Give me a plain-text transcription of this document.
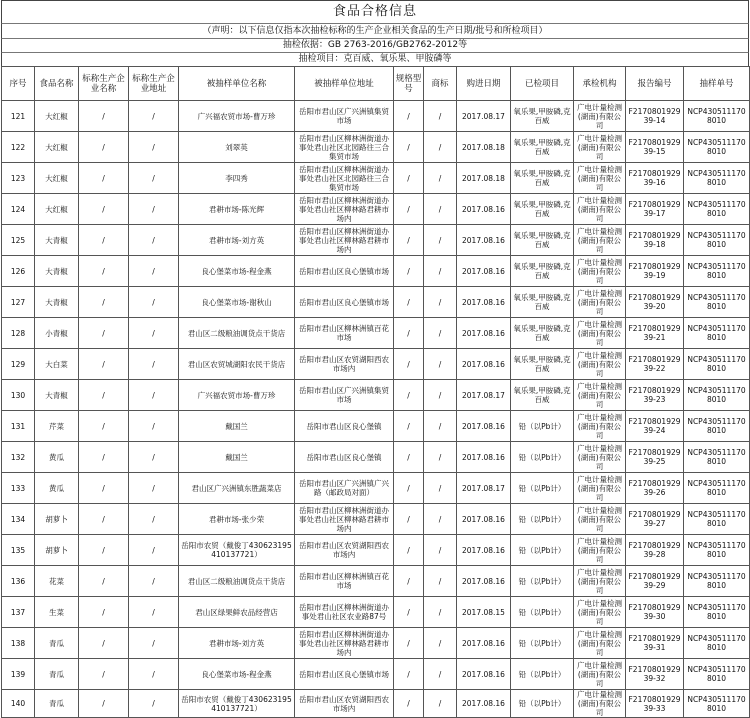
食品合格信息
（声明：以下信息仅指本次抽检标称的生产企业相关食品的生产日期/批号和所检项目）
抽检依据：GB 2763-2016/GB2762-2012等
抽检项目：克百威、氧乐果、甲胺磷等
序号	食品名称	标称生产企业名称	标称生产企业地址	被抽样单位名称	被抽样单位地址	规格型号	商标	购进日期	已检项目	承检机构	报告编号	抽样单号
121	大红椒	/	/	广兴福农贸市场-曹万珍	岳阳市君山区广兴洲镇集贸市场	/	/	2017.08.17	氧乐果,甲胺磷,克百威	广电计量检测(湖南)有限公司	F217080192939-14	NCP4305111708010
122	大红椒	/	/	刘翠英	岳阳市君山区柳林洲街道办事处君山社区北园路往三合集贸市场	/	/	2017.08.18	氧乐果,甲胺磷,克百威	广电计量检测(湖南)有限公司	F217080192939-15	NCP4305111708010
123	大红椒	/	/	李四秀	岳阳市君山区柳林洲街道办事处君山社区北园路往三合集贸市场	/	/	2017.08.18	氧乐果,甲胺磷,克百威	广电计量检测(湖南)有限公司	F217080192939-16	NCP4305111708010
124	大红椒	/	/	君耕市场-陈光辉	岳阳市君山区柳林洲街道办事处君山社区柳林路君耕市场内	/	/	2017.08.16	氧乐果,甲胺磷,克百威	广电计量检测(湖南)有限公司	F217080192939-17	NCP4305111708010
125	大青椒	/	/	君耕市场-刘方英	岳阳市君山区柳林洲街道办事处君山社区柳林路君耕市场内	/	/	2017.08.16	氧乐果,甲胺磷,克百威	广电计量检测(湖南)有限公司	F217080192939-18	NCP4305111708010
126	大青椒	/	/	良心堡菜市场-程金燕	岳阳市君山区良心堡镇市场	/	/	2017.08.16	氧乐果,甲胺磷,克百威	广电计量检测(湖南)有限公司	F217080192939-19	NCP4305111708010
127	大青椒	/	/	良心堡菜市场-谢秋山	岳阳市君山区良心堡镇市场	/	/	2017.08.16	氧乐果,甲胺磷,克百威	广电计量检测(湖南)有限公司	F217080192939-20	NCP4305111708010
128	小青椒	/	/	君山区二级粮油调货点干货店	岳阳市君山区柳林洲镇百花市场	/	/	2017.08.16	氧乐果,甲胺磷,克百威	广电计量检测(湖南)有限公司	F217080192939-21	NCP4305111708010
129	大白菜	/	/	君山区农贸城湖阳农民干货店	岳阳市君山区农贸湖阳西农市场内	/	/	2017.08.16	氧乐果,甲胺磷,克百威	广电计量检测(湖南)有限公司	F217080192939-22	NCP4305111708010
130	大青椒	/	/	广兴福农贸市场-曹万珍	岳阳市君山区广兴洲镇集贸市场	/	/	2017.08.17	氧乐果,甲胺磷,克百威	广电计量检测(湖南)有限公司	F217080192939-23	NCP4305111708010
131	芹菜	/	/	戴国兰	岳阳市君山区良心堡镇	/	/	2017.08.16	铅（以Pb计）	广电计量检测(湖南)有限公司	F217080192939-24	NCP4305111708010
132	黄瓜	/	/	戴国兰	岳阳市君山区良心堡镇	/	/	2017.08.16	铅（以Pb计）	广电计量检测(湖南)有限公司	F217080192939-25	NCP4305111708010
133	黄瓜	/	/	君山区广兴洲镇东胜蔬菜店	岳阳市君山区广兴洲镇广兴路（邮政局对面）	/	/	2017.08.17	铅（以Pb计）	广电计量检测(湖南)有限公司	F217080192939-26	NCP4305111708010
134	胡萝卜	/	/	君耕市场-张少荣	岳阳市君山区柳林洲街道办事处君山社区柳林路君耕市场内	/	/	2017.08.16	铅（以Pb计）	广电计量检测(湖南)有限公司	F217080192939-27	NCP4305111708010
135	胡萝卜	/	/	岳阳市农贸（戴俊丁430623195410137721）	岳阳市君山区农贸湖阳西农市场内	/	/	2017.08.16	铅（以Pb计）	广电计量检测(湖南)有限公司	F217080192939-28	NCP4305111708010
136	花菜	/	/	君山区二级粮油调货点干货店	岳阳市君山区柳林洲镇百花市场	/	/	2017.08.16	铅（以Pb计）	广电计量检测(湖南)有限公司	F217080192939-29	NCP4305111708010
137	生菜	/	/	君山区绿果鲜农品经营店	岳阳市君山区柳林洲街道办事处君山社区农业路87号	/	/	2017.08.15	铅（以Pb计）	广电计量检测(湖南)有限公司	F217080192939-30	NCP4305111708010
138	青瓜	/	/	君耕市场-刘方英	岳阳市君山区柳林洲街道办事处君山社区柳林路君耕市场内	/	/	2017.08.16	铅（以Pb计）	广电计量检测(湖南)有限公司	F217080192939-31	NCP4305111708010
139	青瓜	/	/	良心堡菜市场-程金燕	岳阳市君山区良心堡镇市场	/	/	2017.08.16	铅（以Pb计）	广电计量检测(湖南)有限公司	F217080192939-32	NCP4305111708010
140	青瓜	/	/	岳阳市农贸（戴俊丁430623195410137721）	岳阳市君山区农贸湖阳西农市场内	/	/	2017.08.16	铅（以Pb计）	广电计量检测(湖南)有限公司	F217080192939-33	NCP4305111708010
